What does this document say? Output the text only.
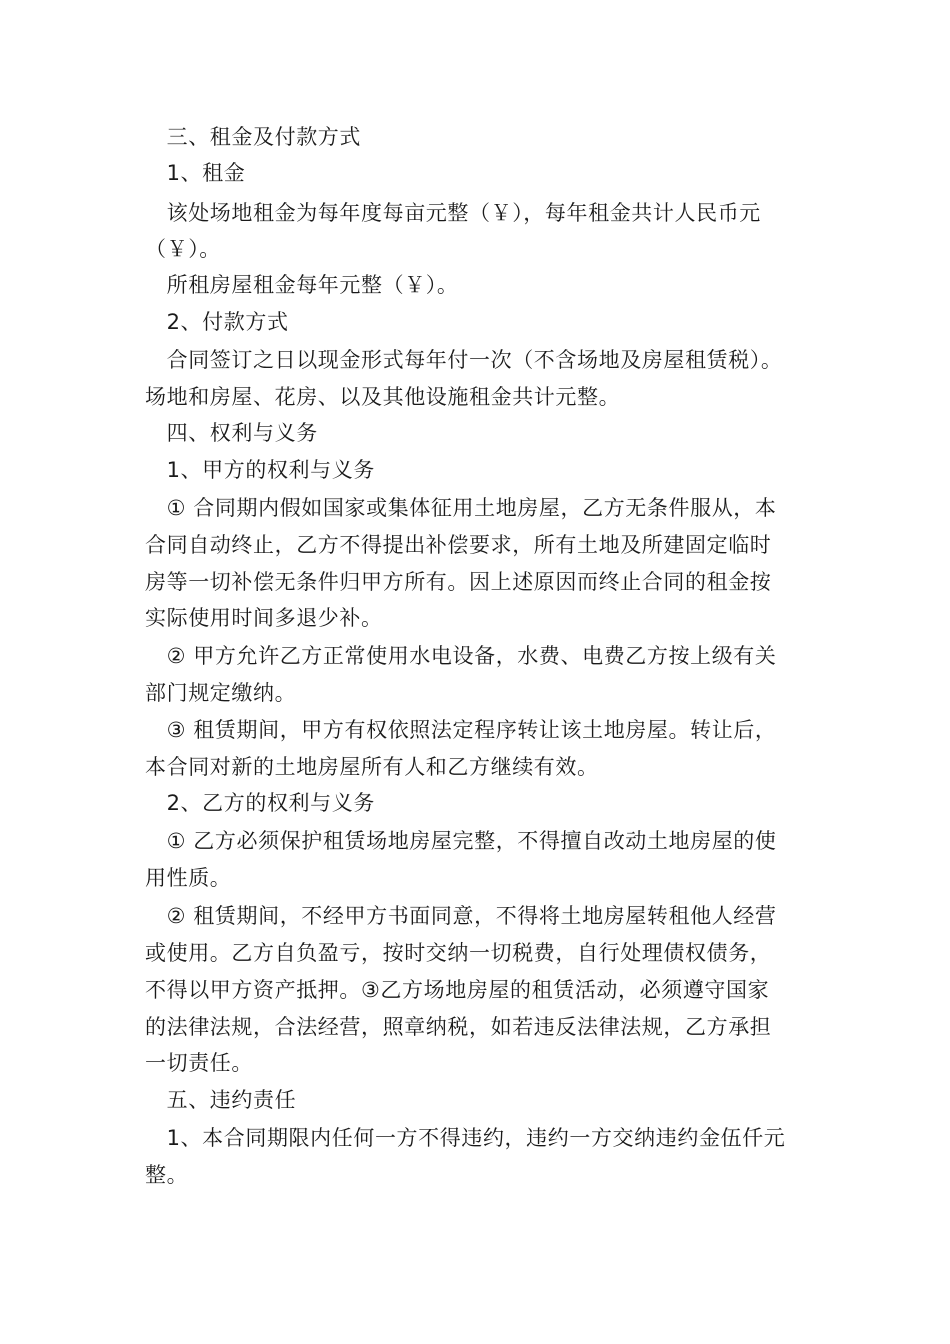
　三、租金及付款方式
　1、租金
　该处场地租金为每年度每亩元整（￥），每年租金共计人民币元
（￥）。
　所租房屋租金每年元整（￥）。
　2、付款方式
　合同签订之日以现金形式每年付一次（不含场地及房屋租赁税）。
场地和房屋、花房、以及其他设施租金共计元整。
　四、权利与义务
　1、甲方的权利与义务
　① 合同期内假如国家或集体征用土地房屋，乙方无条件服从，本
合同自动终止，乙方不得提出补偿要求，所有土地及所建固定临时
房等一切补偿无条件归甲方所有。因上述原因而终止合同的租金按
实际使用时间多退少补。
　② 甲方允许乙方正常使用水电设备，水费、电费乙方按上级有关
部门规定缴纳。
　③ 租赁期间，甲方有权依照法定程序转让该土地房屋。转让后，
本合同对新的土地房屋所有人和乙方继续有效。
　2、乙方的权利与义务
　① 乙方必须保护租赁场地房屋完整，不得擅自改动土地房屋的使
用性质。
　② 租赁期间，不经甲方书面同意，不得将土地房屋转租他人经营
或使用。乙方自负盈亏，按时交纳一切税费，自行处理债权债务，
不得以甲方资产抵押。③乙方场地房屋的租赁活动，必须遵守国家
的法律法规，合法经营，照章纳税，如若违反法律法规，乙方承担
一切责任。
　五、违约责任
　1、本合同期限内任何一方不得违约，违约一方交纳违约金伍仟元
整。
